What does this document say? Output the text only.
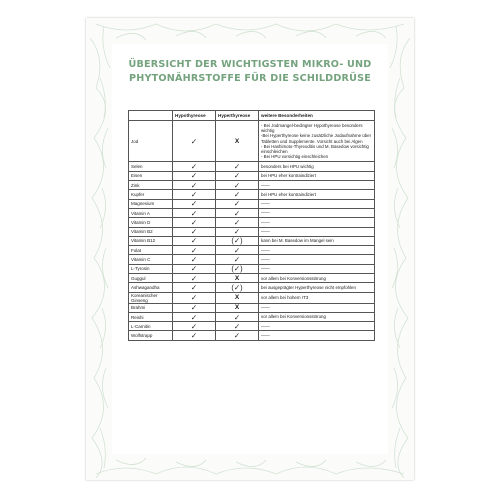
ÜBERSICHT DER WICHTIGSTEN MIKRO- UND PHYTONÄHRSTOFFE FÜR DIE SCHILDDRÜSE
	Hypothyreose	Hyperthyreose	weitere Besonderheiten
Jod	✓	X	- Bei Jodmangel-bedingter Hypothyreose besonders wichtig
-Bei Hyperthyreose keine zusätzliche Jodaufnahme über Tabletten und Supplemente. Vorsicht auch bei Algen
- Bei Hashimoto-Thyreoditis und M. Basedow vorsichtig einschleichen
- Bei HPU vorsichtig einschleichen
Selen	✓	✓	besonders bei HPU wichtig
Eisen	✓	✓	bei HPU eher kontraindiziert
Zink	✓	✓	——
Kupfer	✓	✓	bei HPU eher kontraindiziert
Magnesium	✓	✓	——
Vitamin A	✓	✓	——
Vitamin D	✓	✓	——
Vitamin B2	✓	✓	——
Vitamin B12	✓	(✓)	kann bei M. Basedow im Mangel sein
Folat	✓	✓	——
Vitamin C	✓	✓	——
L-Tyrosin	✓	(✓)	——
Guggul	✓	X	vor allem bei Konversionsstörung
Ashwagandha	✓	(✓)	bei ausgeprägter Hyperthyreose nicht empfohlen
Koreanischer Ginseng	✓	X	vor allem bei hohem rT3
Brahmi	✓	X	——
Reishi	✓	✓	vor allem bei Konversionsstörung
L-Carnitin	✓	✓	——
Wolfstrapp	✓	✓	——
